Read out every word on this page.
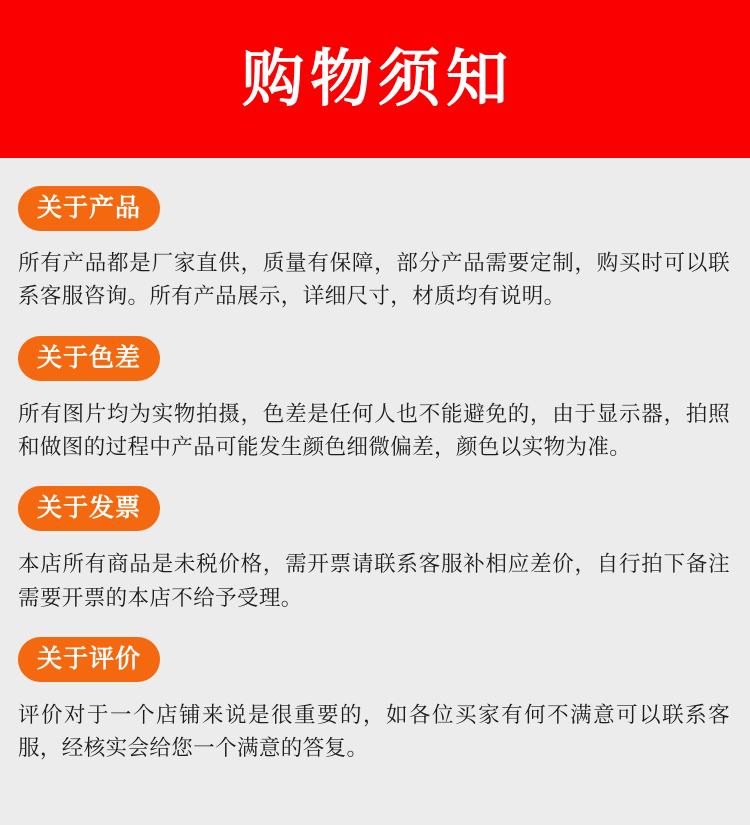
购物须知
关于产品
所有产品都是厂家直供，质量有保障，部分产品需要定制，购买时可以联系客服咨询。所有产品展示，详细尺寸，材质均有说明。
关于色差
所有图片均为实物拍摄，色差是任何人也不能避免的，由于显示器，拍照和做图的过程中产品可能发生颜色细微偏差，颜色以实物为准。
关于发票
本店所有商品是未税价格，需开票请联系客服补相应差价，自行拍下备注需要开票的本店不给予受理。
关于评价
评价对于一个店铺来说是很重要的，如各位买家有何不满意可以联系客服，经核实会给您一个满意的答复。
